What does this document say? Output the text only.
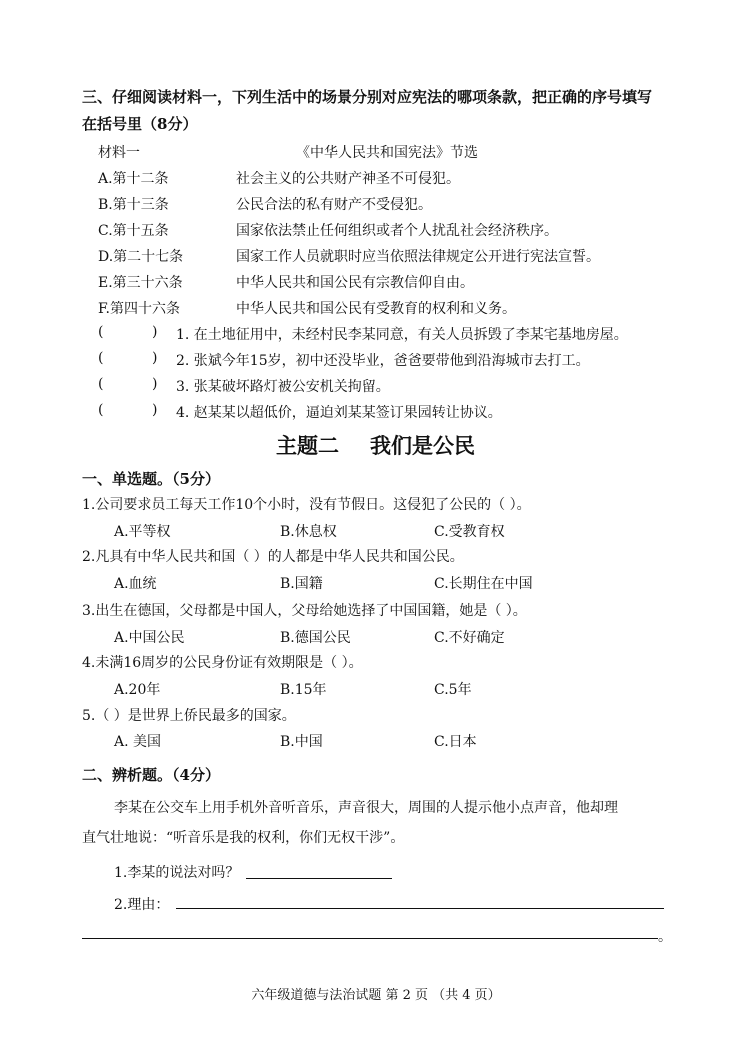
三、仔细阅读材料一，下列生活中的场景分别对应宪法的哪项条款，把正确的序号填写
在括号里（8分）
材料一	《中华人民共和国宪法》节选
A.第十二条	社会主义的公共财产神圣不可侵犯。
B.第十三条	公民合法的私有财产不受侵犯。
C.第十五条	国家依法禁止任何组织或者个人扰乱社会经济秩序。
D.第二十七条	国家工作人员就职时应当依照法律规定公开进行宪法宣誓。
E.第三十六条	中华人民共和国公民有宗教信仰自由。
F.第四十六条	中华人民共和国公民有受教育的权利和义务。
(	) 1. 在土地征用中，未经村民李某同意，有关人员拆毁了李某宅基地房屋。
(	) 2. 张斌今年15岁，初中还没毕业，爸爸要带他到沿海城市去打工。
(	) 3. 张某破坏路灯被公安机关拘留。
(	) 4. 赵某某以超低价，逼迫刘某某签订果园转让协议。
主题二 我们是公民
一、单选题。（5分）
1.公司要求员工每天工作10个小时，没有节假日。这侵犯了公民的（ ）。
A.平等权	B.休息权	C.受教育权
2.凡具有中华人民共和国（ ）的人都是中华人民共和国公民。
A.血统	B.国籍	C.长期住在中国
3.出生在德国，父母都是中国人，父母给她选择了中国国籍，她是（ ）。
A.中国公民	B.德国公民	C.不好确定
4.未满16周岁的公民身份证有效期限是（ ）。
A.20年	B.15年	C.5年
5.（ ）是世界上侨民最多的国家。
A. 美国	B.中国	C.日本
二、辨析题。（4分）
李某在公交车上用手机外音听音乐，声音很大，周围的人提示他小点声音，他却理
直气壮地说：“听音乐是我的权利，你们无权干涉”。
1.李某的说法对吗？
2.理由：
。
六年级道德与法治试题 第 2 页 （共 4 页）
